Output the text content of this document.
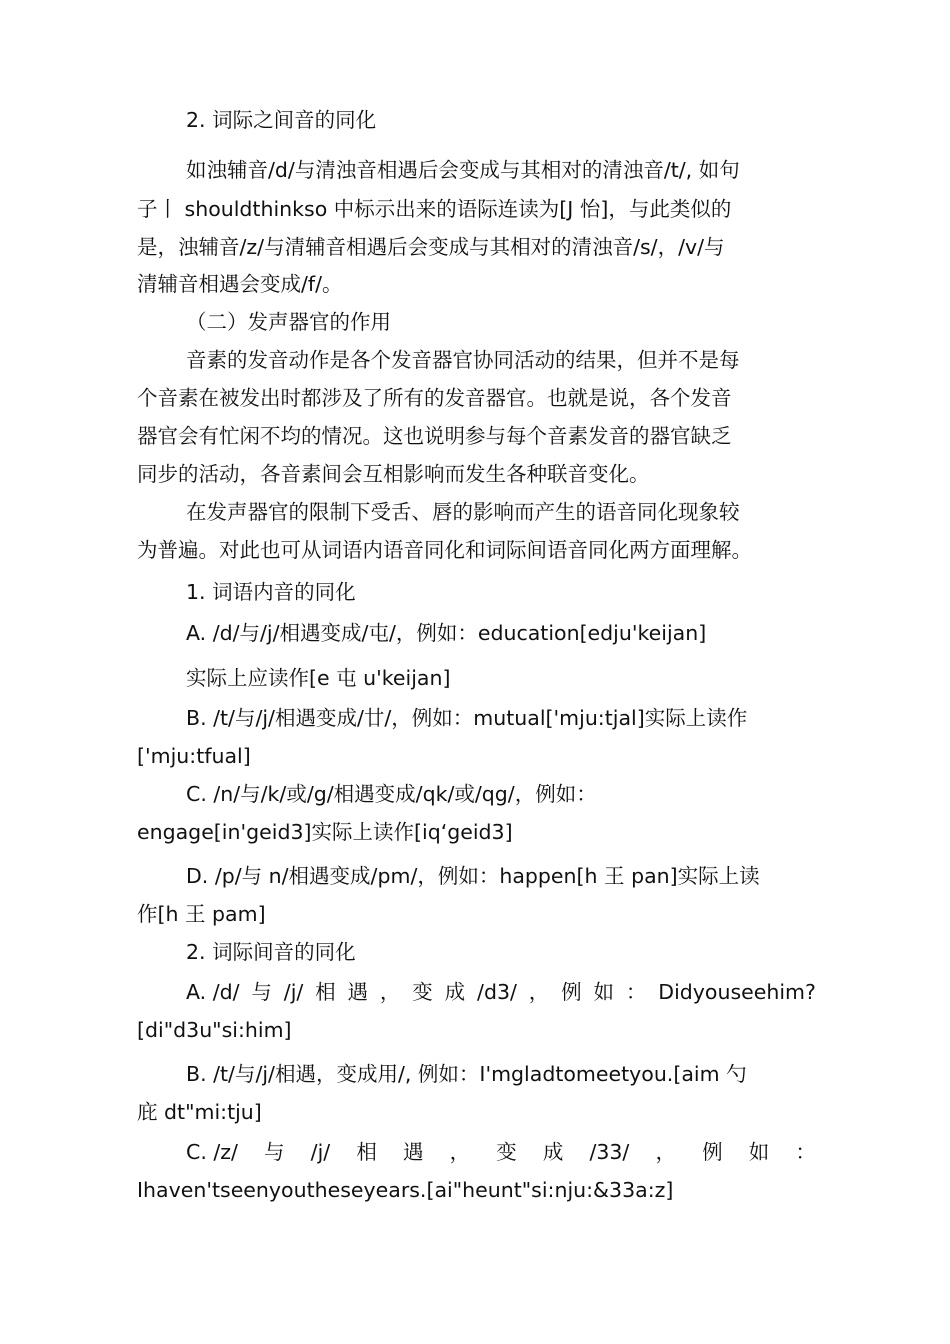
2. 词际之间音的同化
如浊辅音/d/与清浊音相遇后会变成与其相对的清浊音/t/, 如句
子丨 shouldthinkso 中标示出来的语际连读为[J 怡]，与此类似的
是，浊辅音/z/与清辅音相遇后会变成与其相对的清浊音/s/，/v/与
清辅音相遇会变成/f/。
（二）发声器官的作用
音素的发音动作是各个发音器官协同活动的结果，但并不是每
个音素在被发出时都涉及了所有的发音器官。也就是说，各个发音
器官会有忙闲不均的情况。这也说明参与每个音素发音的器官缺乏
同步的活动，各音素间会互相影响而发生各种联音变化。
在发声器官的限制下受舌、唇的影响而产生的语音同化现象较
为普遍。对此也可从词语内语音同化和词际间语音同化两方面理解。
1. 词语内音的同化
A. /d/与/j/相遇变成/屯/，例如：education[edju'keijan]
实际上应读作[e 屯 u'keijan]
B. /t/与/j/相遇变成/廿/，例如：mutual['mju:tjal]实际上读作
['mju:tfual]
C. /n/与/k/或/g/相遇变成/qk/或/qg/，例如：
engage[in'geid3]实际上读作[iq‘geid3]
D. /p/与 n/相遇变成/pm/，例如：happen[h 王 pan]实际上读
作[h 王 pam]
2. 词际间音的同化
A. /d/ 与 /j/ 相 遇 ， 变 成 /d3/ ， 例 如 ： Didyouseehim?
[di"d3u"si:him]
B. /t/与/j/相遇，变成用/, 例如：I'mgladtomeetyou.[aim 勺
庇 dt"mi:tju]
C. /z/ 与 /j/ 相 遇 ， 变 成 /33/ ， 例 如 ：
Ihaven'tseenyoutheseyears.[ai"heunt"si:nju:&33a:z]
